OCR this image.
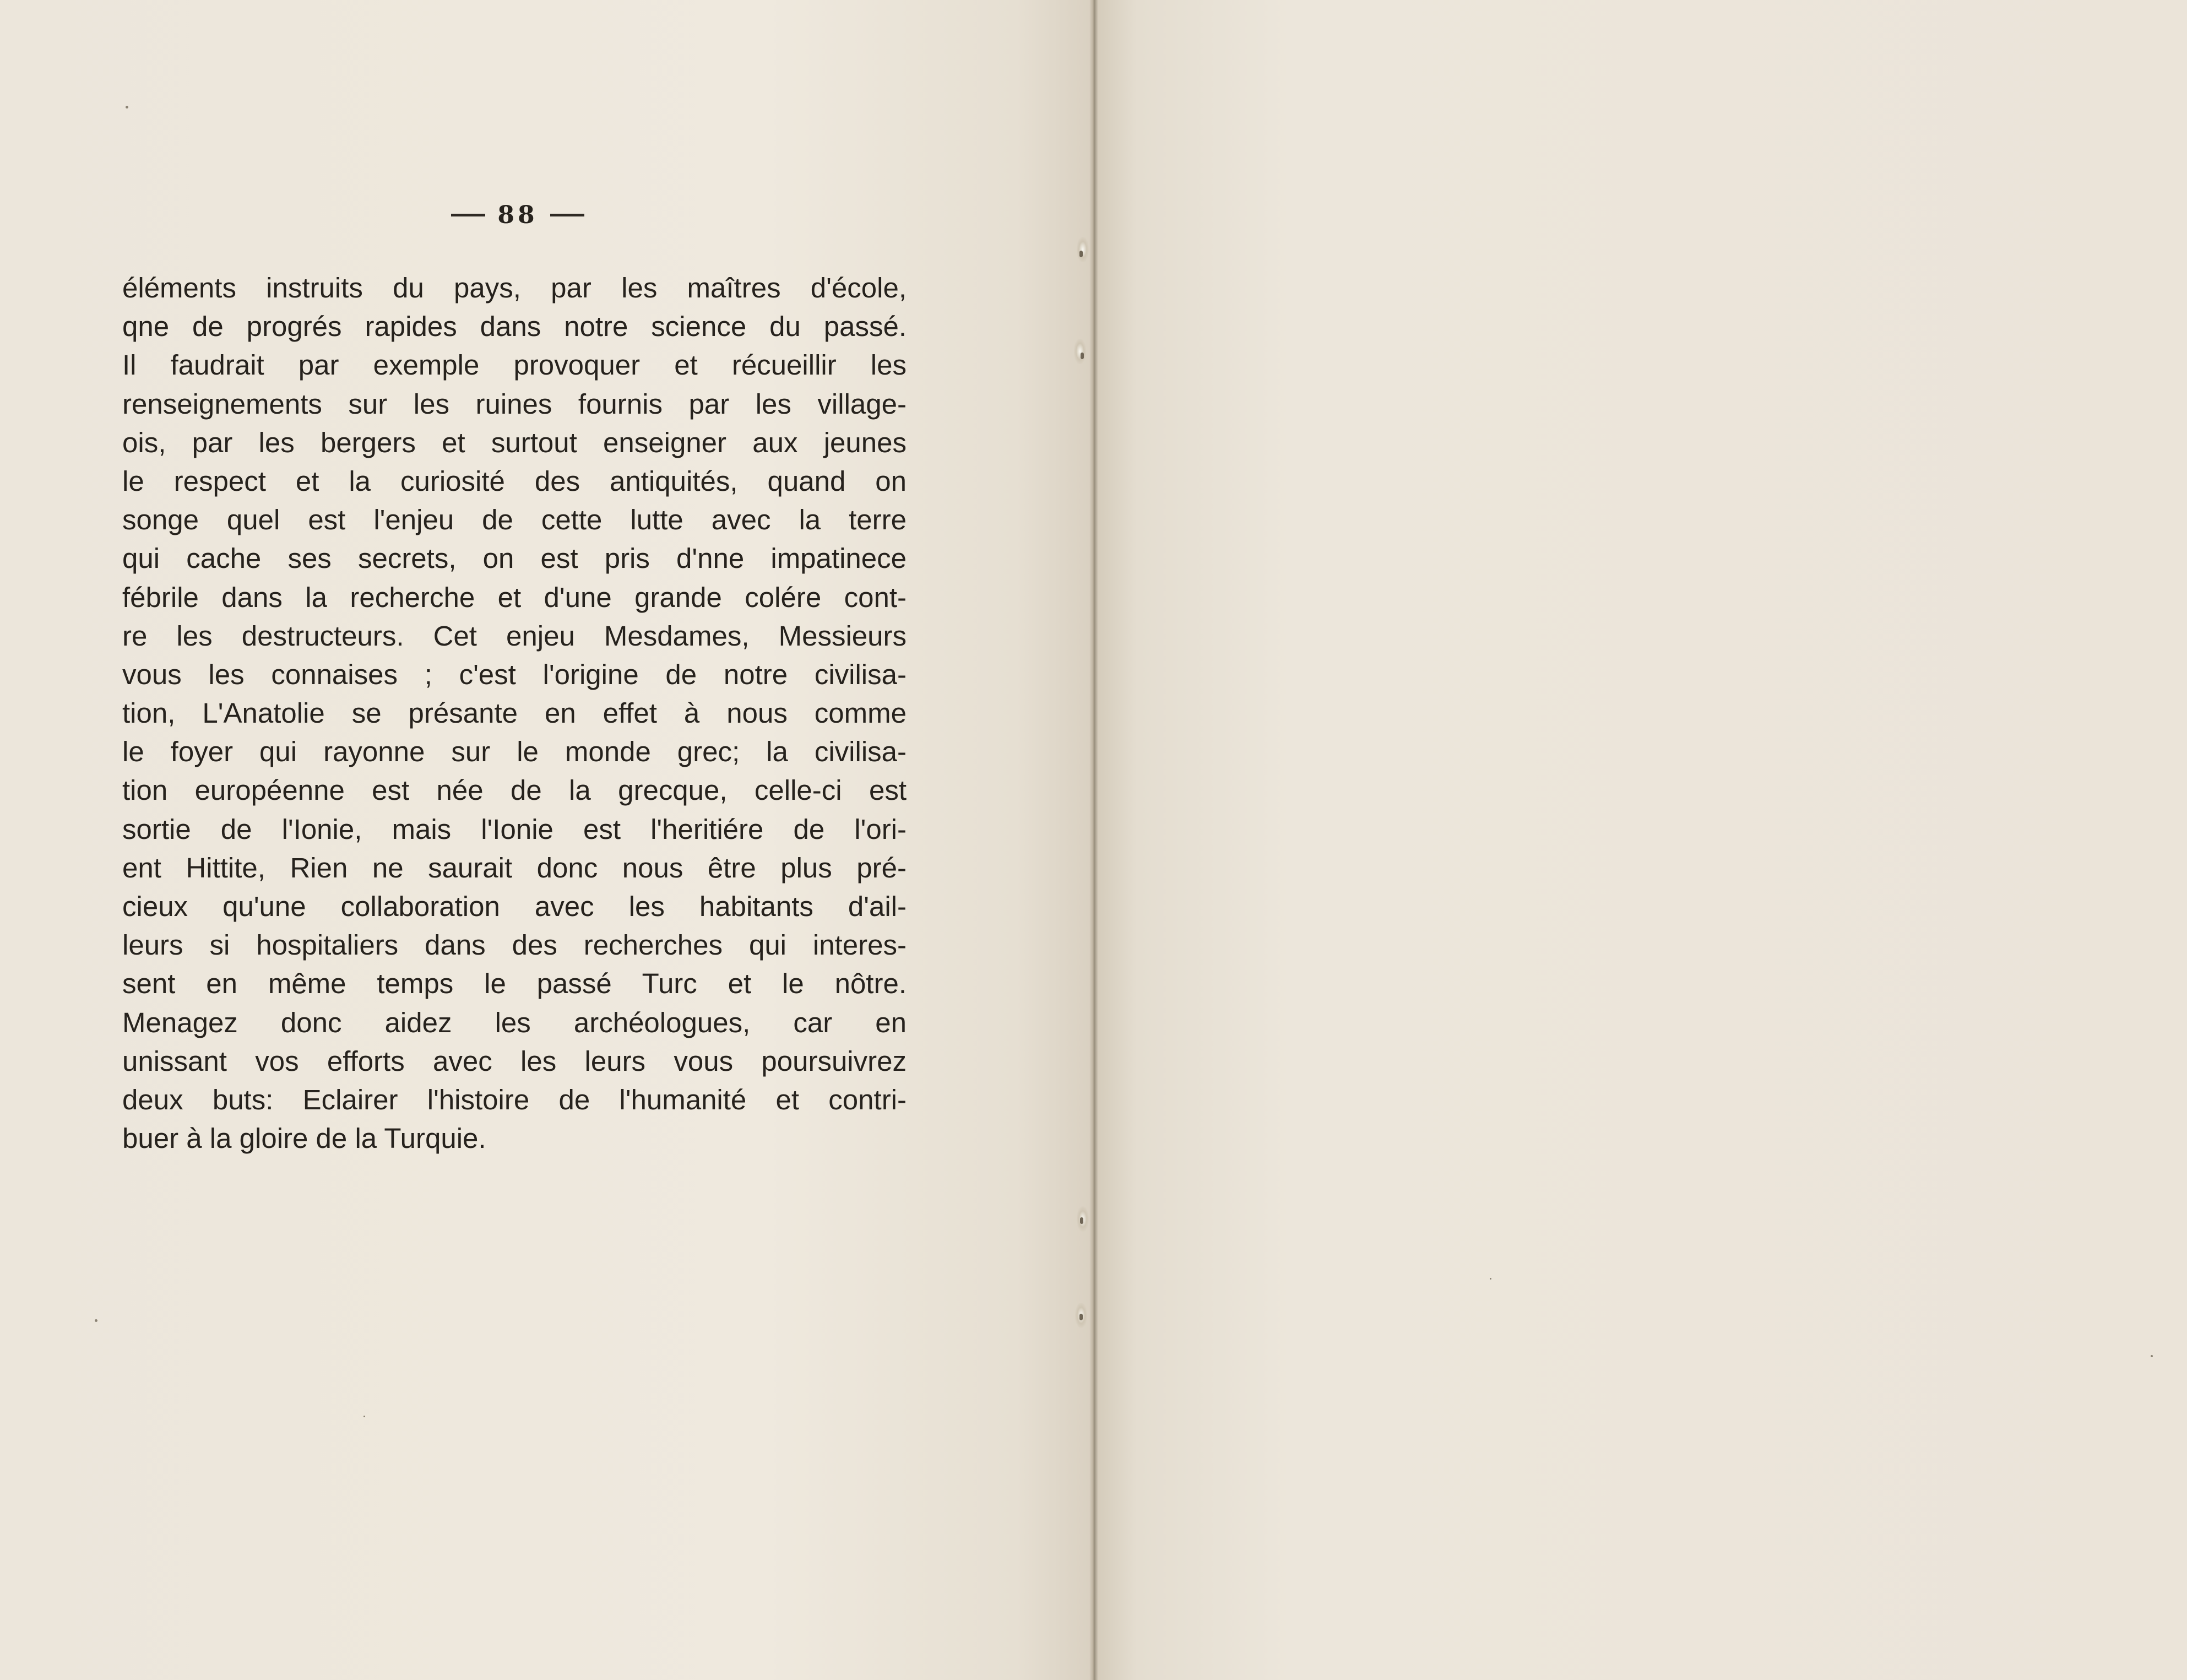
88
éléments instruits du pays, par les maîtres d'école,
qne de progrés rapides dans notre science du passé.
Il faudrait par exemple provoquer et récueillir les
renseignements sur les ruines fournis par les village-
ois, par les bergers et surtout enseigner aux jeunes
le respect et la curiosité des antiquités, quand on
songe quel est l'enjeu de cette lutte avec la terre
qui cache ses secrets, on est pris d'nne impatinece
fébrile dans la recherche et d'une grande colére cont-
re les destructeurs. Cet enjeu Mesdames, Messieurs
vous les connaises ; c'est l'origine de notre civilisa-
tion, L'Anatolie se présante en effet à nous comme
le foyer qui rayonne sur le monde grec; la civilisa-
tion européenne est née de la grecque, celle-ci est
sortie de l'Ionie, mais l'Ionie est l'heritiére de l'ori-
ent Hittite, Rien ne saurait donc nous être plus pré-
cieux qu'une collaboration avec les habitants d'ail-
leurs si hospitaliers dans des recherches qui interes-
sent en même temps le passé Turc et le nôtre.
Menagez donc aidez les archéologues, car en
unissant vos efforts avec les leurs vous poursuivrez
deux buts: Eclairer l'histoire de l'humanité et contri-
buer à la gloire de la Turquie.
